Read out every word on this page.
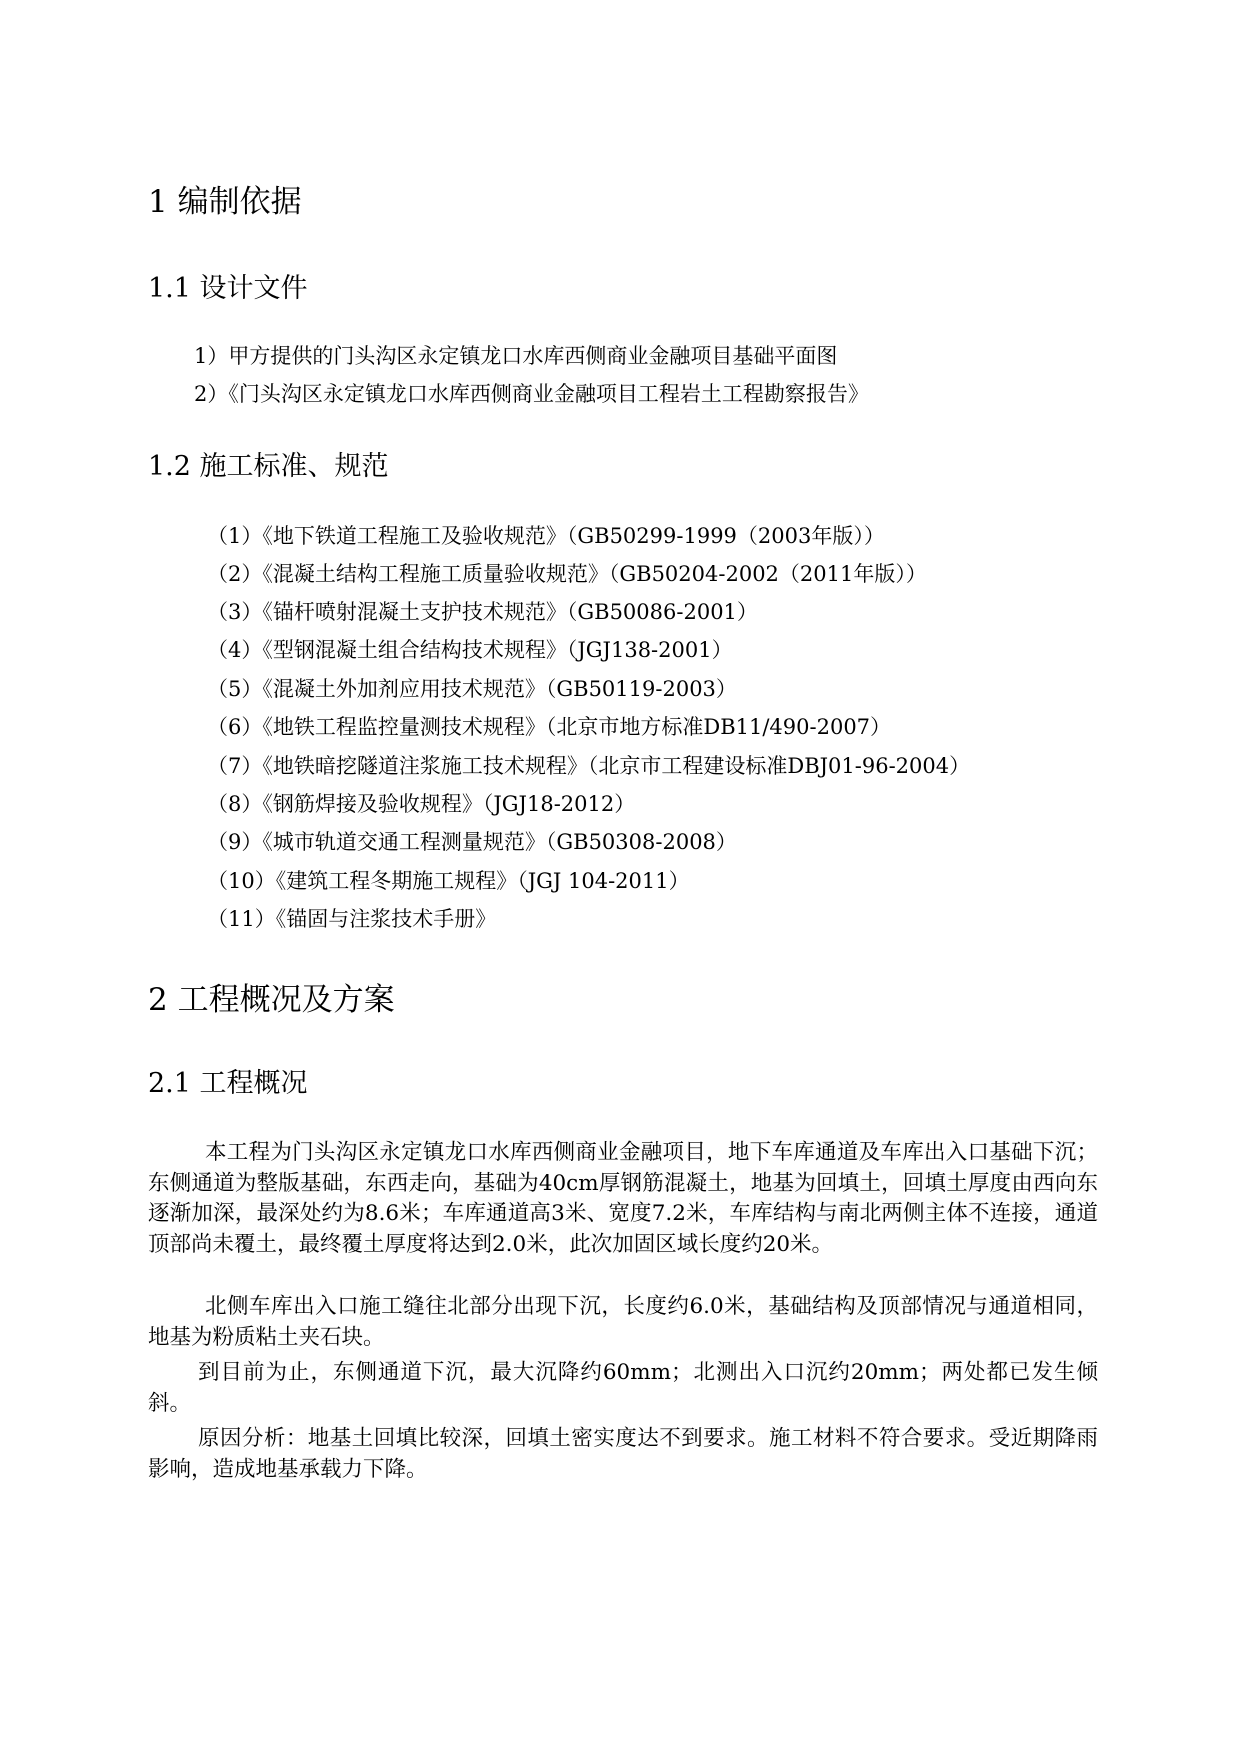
1 编制依据
1.1 设计文件
1）甲方提供的门头沟区永定镇龙口水库西侧商业金融项目基础平面图
2）《门头沟区永定镇龙口水库西侧商业金融项目工程岩土工程勘察报告》
1.2 施工标准、规范
（1）《地下铁道工程施工及验收规范》（GB50299-1999（2003年版））
（2）《混凝土结构工程施工质量验收规范》（GB50204-2002（2011年版））
（3）《锚杆喷射混凝土支护技术规范》（GB50086-2001）
（4）《型钢混凝土组合结构技术规程》（JGJ138-2001）
（5）《混凝土外加剂应用技术规范》（GB50119-2003）
（6）《地铁工程监控量测技术规程》（北京市地方标准DB11/490-2007）
（7）《地铁暗挖隧道注浆施工技术规程》（北京市工程建设标准DBJ01-96-2004）
（8）《钢筋焊接及验收规程》（JGJ18-2012）
（9）《城市轨道交通工程测量规范》（GB50308-2008）
（10）《建筑工程冬期施工规程》（JGJ 104-2011）
（11）《锚固与注浆技术手册》
2 工程概况及方案
2.1 工程概况

本工程为门头沟区永定镇龙口水库西侧商业金融项目，地下车库通道及车库出入口基础下沉；东侧通道为整版基础，东西走向，基础为40cm厚钢筋混凝土，地基为回填土，回填土厚度由西向东逐渐加深，最深处约为8.6米；车库通道高3米、宽度7.2米，车库结构与南北两侧主体不连接，通道顶部尚未覆土，最终覆土厚度将达到2.0米，此次加固区域长度约20米。

北侧车库出入口施工缝往北部分出现下沉，长度约6.0米，基础结构及顶部情况与通道相同，地基为粉质粘土夹石块。

到目前为止，东侧通道下沉，最大沉降约60mm；北测出入口沉约20mm；两处都已发生倾斜。

原因分析：地基土回填比较深，回填土密实度达不到要求。施工材料不符合要求。受近期降雨影响，造成地基承载力下降。
